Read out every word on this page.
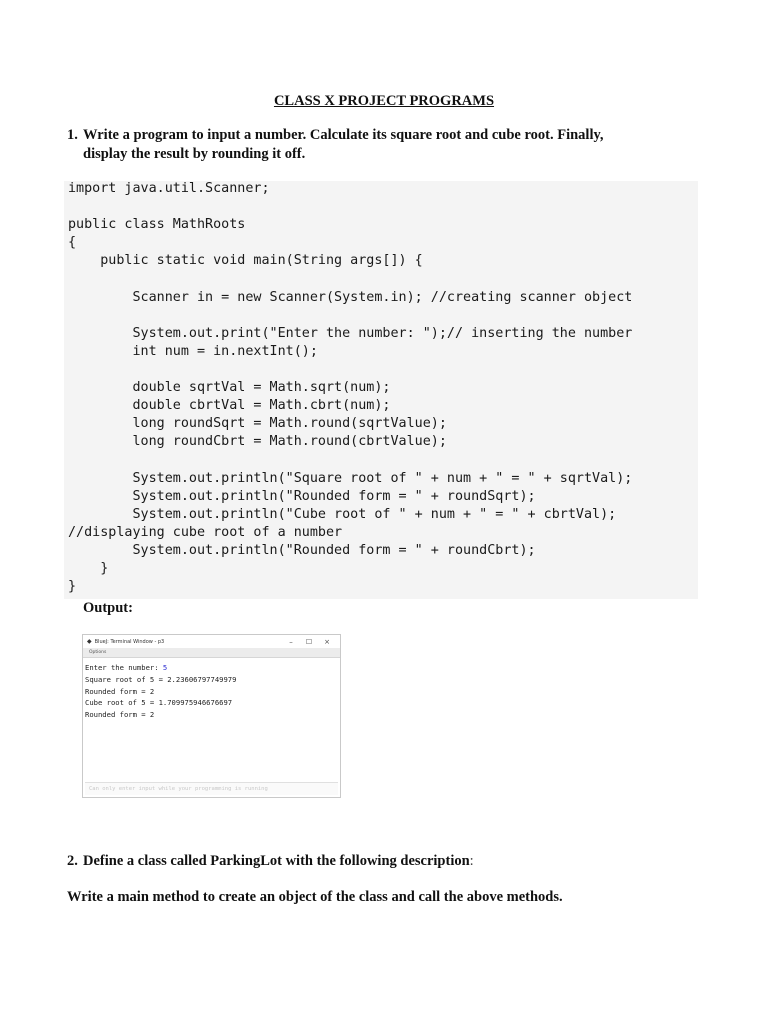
CLASS X PROJECT PROGRAMS
1. Write a program to input a number. Calculate its square root and cube root. Finally,
display the result by rounding it off.
import java.util.Scanner;

public class MathRoots
{
public static void main(String args[]) {

Scanner in = new Scanner(System.in); //creating scanner object

System.out.print("Enter the number: ");// inserting the number
int num = in.nextInt();

double sqrtVal = Math.sqrt(num);
double cbrtVal = Math.cbrt(num);
long roundSqrt = Math.round(sqrtValue);
long roundCbrt = Math.round(cbrtValue);

System.out.println("Square root of " + num + " = " + sqrtVal);
System.out.println("Rounded form = " + roundSqrt);
System.out.println("Cube root of " + num + " = " + cbrtVal);
//displaying cube root of a number
System.out.println("Rounded form = " + roundCbrt);
}
}
Output:
◆ BlueJ: Terminal Window - p3	–	☐	×
Options
Enter the number: 5
Square root of 5 = 2.23606797749979
Rounded form = 2
Cube root of 5 = 1.709975946676697
Rounded form = 2
Can only enter input while your programming is running
2. Define a class called ParkingLot with the following description:
Write a main method to create an object of the class and call the above methods.
